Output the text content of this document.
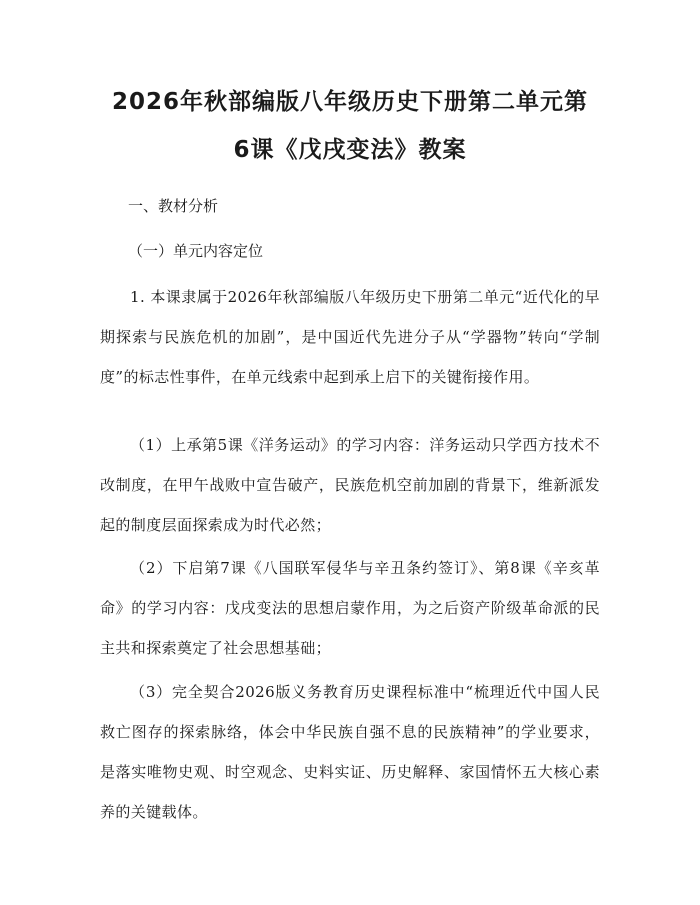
2026年秋部编版八年级历史下册第二单元第
6课《戊戌变法》教案

一、教材分析

（一）单元内容定位

1. 本课隶属于2026年秋部编版八年级历史下册第二单元“近代化的早期探索与民族危机的加剧”，是中国近代先进分子从“学器物”转向“学制度”的标志性事件，在单元线索中起到承上启下的关键衔接作用。

（1）上承第5课《洋务运动》的学习内容：洋务运动只学西方技术不改制度，在甲午战败中宣告破产，民族危机空前加剧的背景下，维新派发起的制度层面探索成为时代必然；

（2）下启第7课《八国联军侵华与辛丑条约签订》、第8课《辛亥革命》的学习内容：戊戌变法的思想启蒙作用，为之后资产阶级革命派的民主共和探索奠定了社会思想基础；

（3）完全契合2026版义务教育历史课程标准中“梳理近代中国人民救亡图存的探索脉络，体会中华民族自强不息的民族精神”的学业要求，是落实唯物史观、时空观念、史料实证、历史解释、家国情怀五大核心素养的关键载体。
